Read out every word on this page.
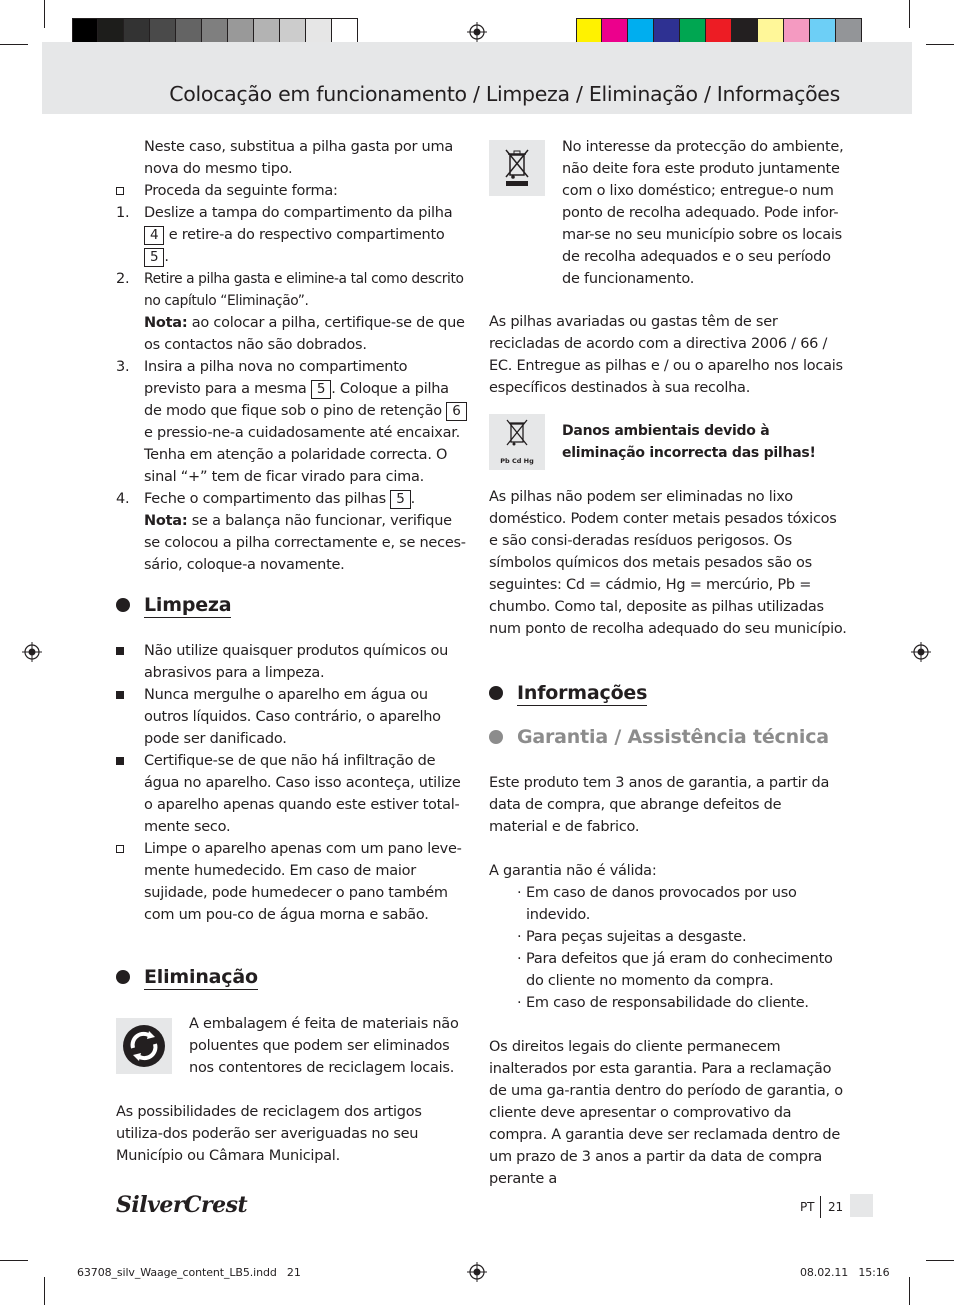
Colocação em funcionamento / Limpeza / Eliminação / Informações

Neste caso, substitua a pilha gasta por uma nova do mesmo tipo.

Proceda da seguinte forma:
1. Deslize a tampa do compartimento da pilha 4 e retire-a do respectivo compartimento 5 .
2. Retire a pilha gasta e elimine-a tal como descrito no capítulo “Eliminação”.
Nota: ao colocar a pilha, certifique-se de que os contactos não são dobrados.
3. Insira a pilha nova no compartimento previsto para a mesma 5 . Coloque a pilha de modo que fique sob o pino de retenção 6 e pressio-ne-a cuidadosamente até encaixar. Tenha em atenção a polaridade correcta. O sinal “+” tem de ficar virado para cima.
4. Feche o compartimento das pilhas 5 .
Nota: se a balança não funcionar, verifique se colocou a pilha correctamente e, se neces-sário, coloque-a novamente.
Limpeza
Não utilize quaisquer produtos químicos ou abrasivos para a limpeza.
Nunca mergulhe o aparelho em água ou outros líquidos. Caso contrário, o aparelho pode ser danificado.
Certifique-se de que não há infiltração de água no aparelho. Caso isso aconteça, utilize o aparelho apenas quando este estiver total-mente seco.
Limpe o aparelho apenas com um pano leve-mente humedecido. Em caso de maior sujidade, pode humedecer o pano também com um pou-co de água morna e sabão.
Eliminação

A embalagem é feita de materiais não poluentes que podem ser eliminados nos contentores de reciclagem locais.

As possibilidades de reciclagem dos artigos utiliza-dos poderão ser averiguadas no seu Município ou Câmara Municipal.

No interesse da protecção do ambiente, não deite fora este produto juntamente com o lixo doméstico; entregue-o num ponto de recolha adequado. Pode infor-mar-se no seu município sobre os locais de recolha adequados e o seu período de funcionamento.

As pilhas avariadas ou gastas têm de ser recicladas de acordo com a directiva 2006 / 66 / EC. Entregue as pilhas e / ou o aparelho nos locais específicos destinados à sua recolha.

Pb Cd Hg

Danos ambientais devido à eliminação incorrecta das pilhas!

As pilhas não podem ser eliminadas no lixo doméstico. Podem conter metais pesados tóxicos e são consi-deradas resíduos perigosos. Os símbolos químicos dos metais pesados são os seguintes: Cd = cádmio, Hg = mercúrio, Pb = chumbo. Como tal, deposite as pilhas utilizadas num ponto de recolha adequado do seu município.

Informações
Garantia / Assistência técnica

Este produto tem 3 anos de garantia, a partir da data de compra, que abrange defeitos de material e de fabrico.

A garantia não é válida:

· Em caso de danos provocados por uso indevido.
· Para peças sujeitas a desgaste.
· Para defeitos que já eram do conhecimento do cliente no momento da compra.
· Em caso de responsabilidade do cliente.

Os direitos legais do cliente permanecem inalterados por esta garantia. Para a reclamação de uma ga-rantia dentro do período de garantia, o cliente deve apresentar o comprovativo da compra. A garantia deve ser reclamada dentro de um prazo de 3 anos a partir da data de compra perante a

SilverCrest	PT 21
63708_silv_Waage_content_LB5.indd   21	08.02.11   15:16
